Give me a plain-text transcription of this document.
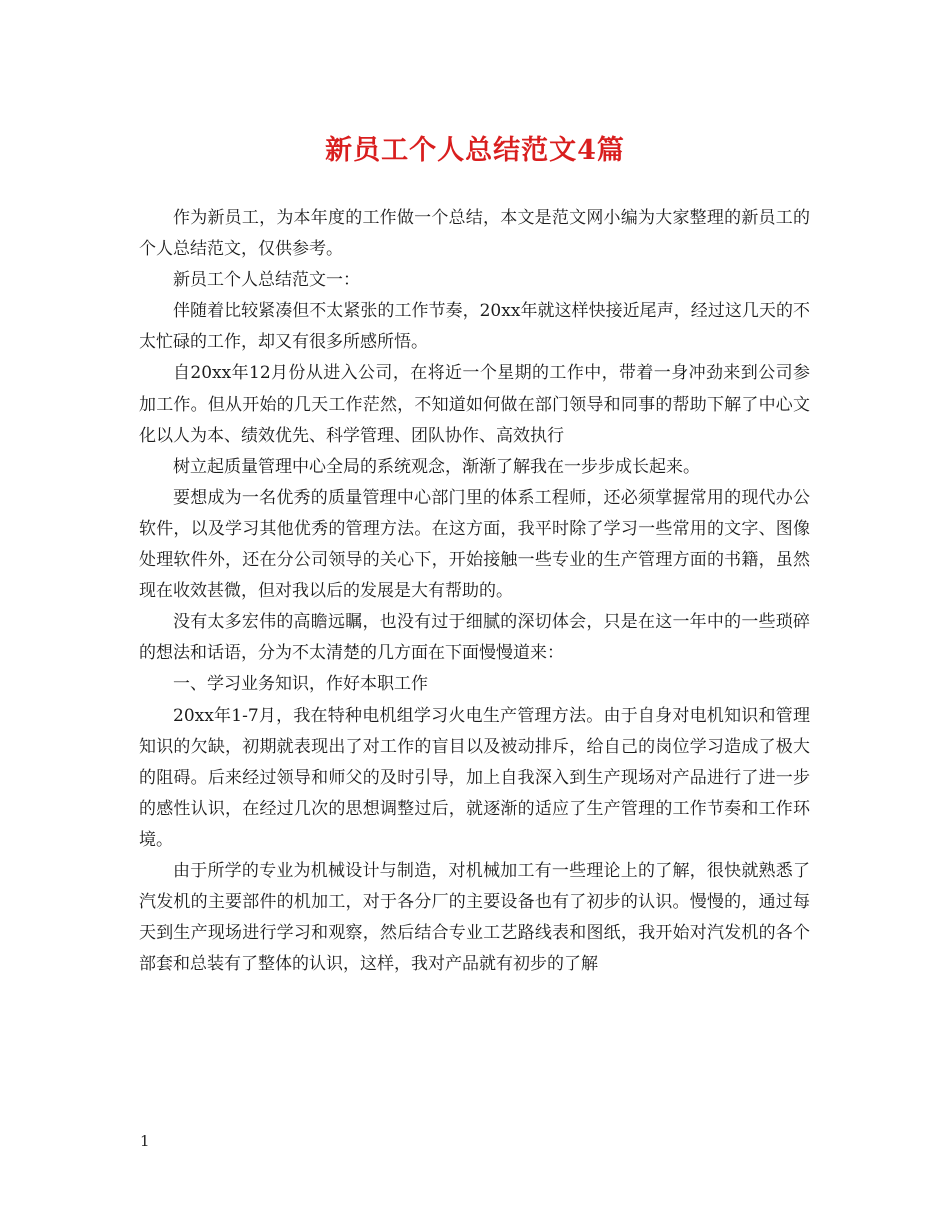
新员工个人总结范文4篇

作为新员工，为本年度的工作做一个总结，本文是范文网小编为大家整理的新员工的个人总结范文，仅供参考。

新员工个人总结范文一：

伴随着比较紧凑但不太紧张的工作节奏，20xx年就这样快接近尾声，经过这几天的不太忙碌的工作，却又有很多所感所悟。

自20xx年12月份从进入公司，在将近一个星期的工作中，带着一身冲劲来到公司参加工作。但从开始的几天工作茫然，不知道如何做在部门领导和同事的帮助下解了中心文化以人为本、绩效优先、科学管理、团队协作、高效执行

树立起质量管理中心全局的系统观念，渐渐了解我在一步步成长起来。

要想成为一名优秀的质量管理中心部门里的体系工程师，还必须掌握常用的现代办公软件，以及学习其他优秀的管理方法。在这方面，我平时除了学习一些常用的文字、图像处理软件外，还在分公司领导的关心下，开始接触一些专业的生产管理方面的书籍，虽然现在收效甚微，但对我以后的发展是大有帮助的。

没有太多宏伟的高瞻远瞩，也没有过于细腻的深切体会，只是在这一年中的一些琐碎的想法和话语，分为不太清楚的几方面在下面慢慢道来：

一、学习业务知识，作好本职工作

20xx年1-7月，我在特种电机组学习火电生产管理方法。由于自身对电机知识和管理知识的欠缺，初期就表现出了对工作的盲目以及被动排斥，给自己的岗位学习造成了极大的阻碍。后来经过领导和师父的及时引导，加上自我深入到生产现场对产品进行了进一步的感性认识，在经过几次的思想调整过后，就逐渐的适应了生产管理的工作节奏和工作环境。

由于所学的专业为机械设计与制造，对机械加工有一些理论上的了解，很快就熟悉了汽发机的主要部件的机加工，对于各分厂的主要设备也有了初步的认识。慢慢的，通过每天到生产现场进行学习和观察，然后结合专业工艺路线表和图纸，我开始对汽发机的各个部套和总装有了整体的认识，这样，我对产品就有初步的了解

1
